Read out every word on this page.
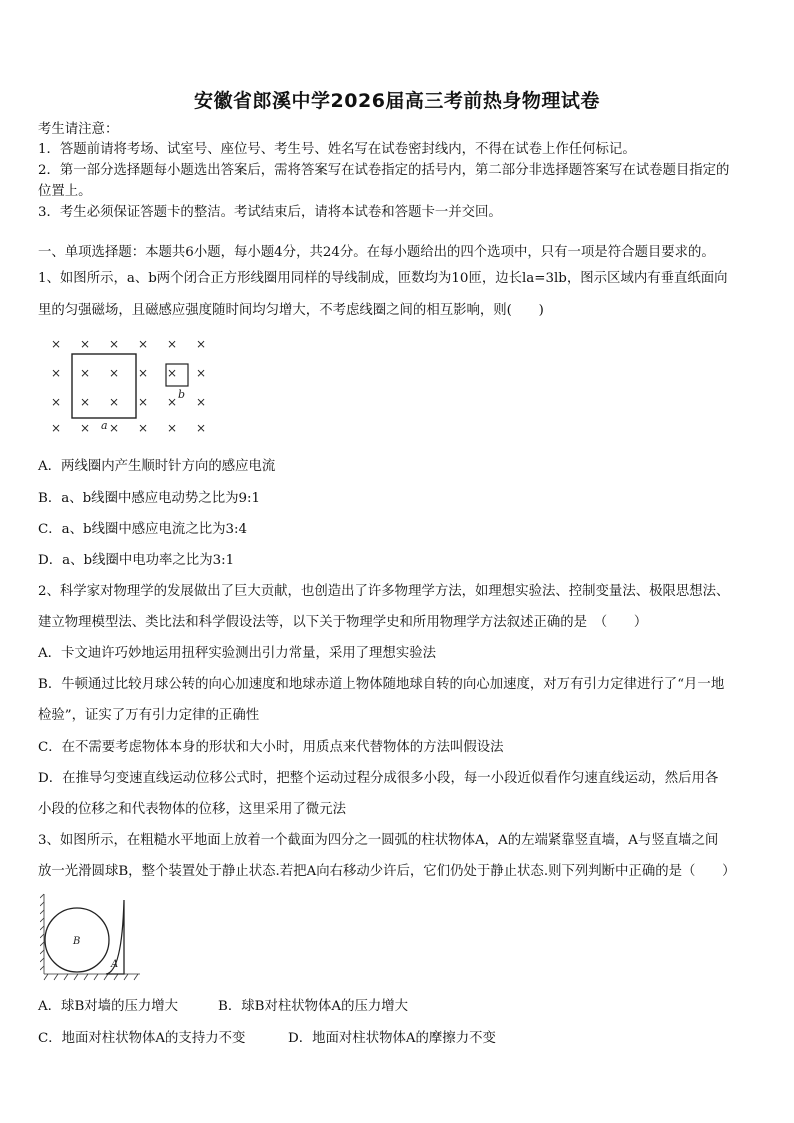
安徽省郎溪中学2026届高三考前热身物理试卷
考生请注意：
1．答题前请将考场、试室号、座位号、考生号、姓名写在试卷密封线内，不得在试卷上作任何标记。
2．第一部分选择题每小题选出答案后，需将答案写在试卷指定的括号内，第二部分非选择题答案写在试卷题目指定的
位置上。
3．考生必须保证答题卡的整洁。考试结束后，请将本试卷和答题卡一并交回。
一、单项选择题：本题共6小题，每小题4分，共24分。在每小题给出的四个选项中，只有一项是符合题目要求的。
1、如图所示，a、b两个闭合正方形线圈用同样的导线制成，匝数均为10匝，边长la=3lb，图示区域内有垂直纸面向
里的匀强磁场，且磁感应强度随时间均匀增大，不考虑线圈之间的相互影响，则(　　)
× × × × × ×
× × × × × ×
× × × × × ×
× × × × × ×
a
b
A．两线圈内产生顺时针方向的感应电流
B．a、b线圈中感应电动势之比为9:1
C．a、b线圈中感应电流之比为3:4
D．a、b线圈中电功率之比为3:1
2、科学家对物理学的发展做出了巨大贡献，也创造出了许多物理学方法，如理想实验法、控制变量法、极限思想法、
建立物理模型法、类比法和科学假设法等，以下关于物理学史和所用物理学方法叙述正确的是　（　　）
A．卡文迪许巧妙地运用扭秤实验测出引力常量，采用了理想实验法
B．牛顿通过比较月球公转的向心加速度和地球赤道上物体随地球自转的向心加速度，对万有引力定律进行了“月一地
检验”，证实了万有引力定律的正确性
C．在不需要考虑物体本身的形状和大小时，用质点来代替物体的方法叫假设法
D．在推导匀变速直线运动位移公式时，把整个运动过程分成很多小段，每一小段近似看作匀速直线运动，然后用各
小段的位移之和代表物体的位移，这里采用了微元法
3、如图所示，在粗糙水平地面上放着一个截面为四分之一圆弧的柱状物体A，A的左端紧靠竖直墙，A与竖直墙之间
放一光滑圆球B，整个装置处于静止状态.若把A向右移动少许后，它们仍处于静止状态.则下列判断中正确的是（　　）
B
A
A．球B对墙的压力增大	B．球B对柱状物体A的压力增大
C．地面对柱状物体A的支持力不变	D．地面对柱状物体A的摩擦力不变
